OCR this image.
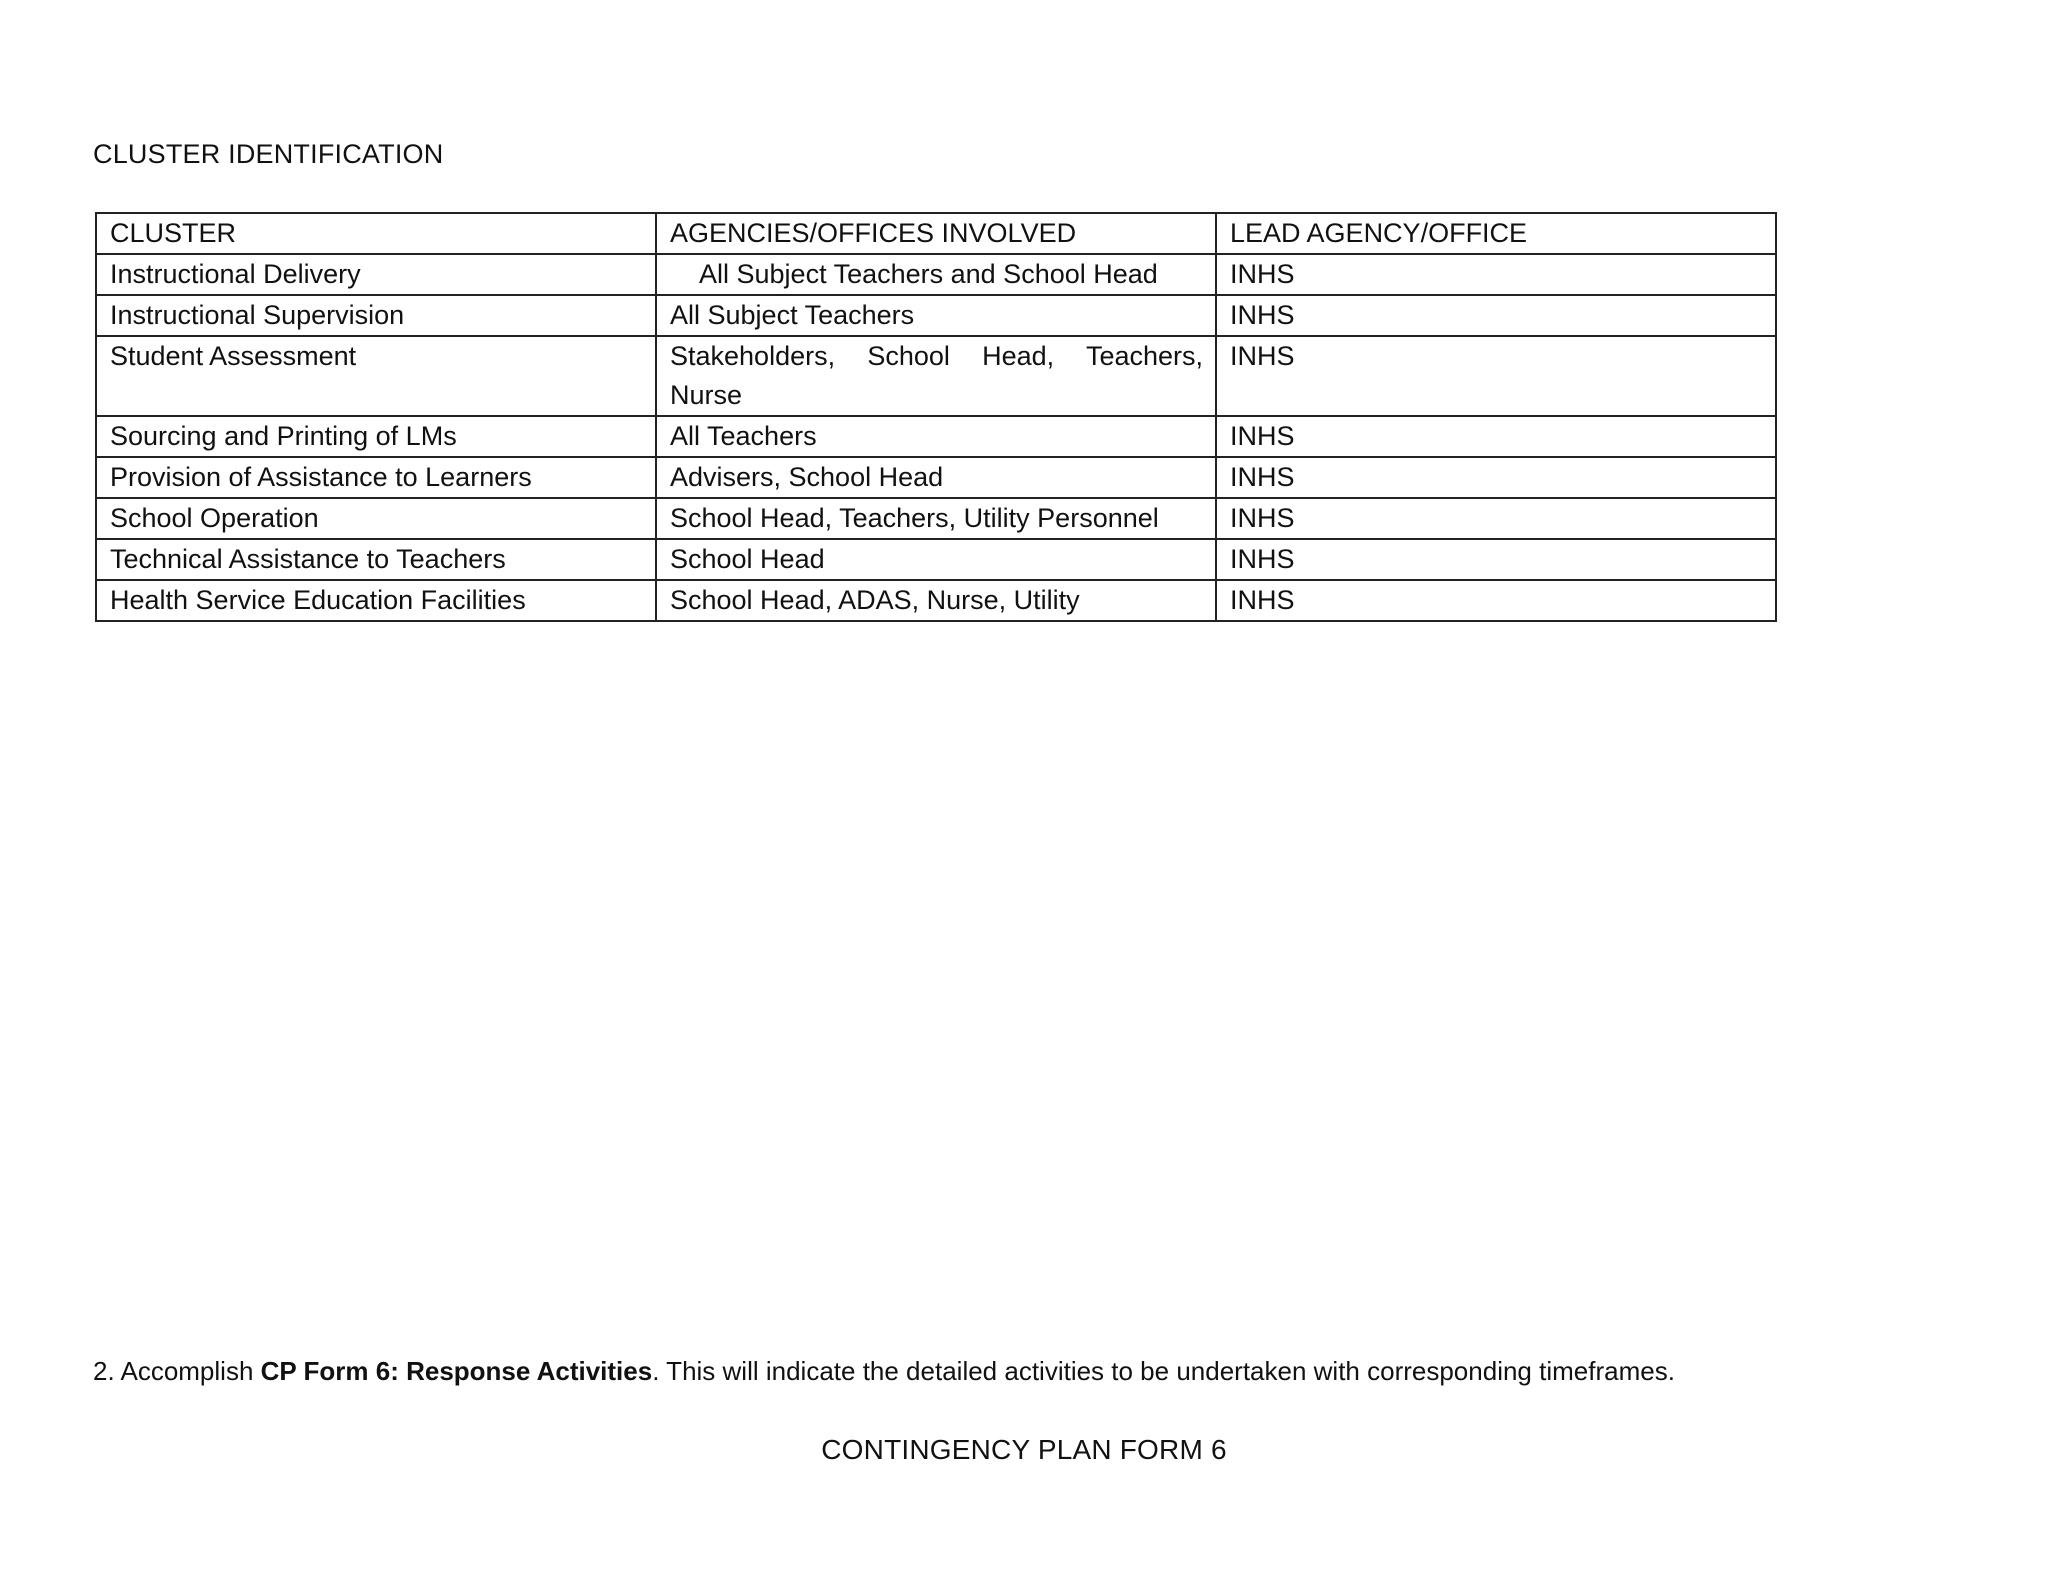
CLUSTER IDENTIFICATION
CLUSTER	AGENCIES/OFFICES INVOLVED	LEAD AGENCY/OFFICE
Instructional Delivery	All Subject Teachers and School Head	INHS
Instructional Supervision	All Subject Teachers	INHS
Student Assessment	Stakeholders, School Head, Teachers, Nurse	INHS
Sourcing and Printing of LMs	All Teachers	INHS
Provision of Assistance to Learners	Advisers, School Head	INHS
School Operation	School Head, Teachers, Utility Personnel	INHS
Technical Assistance to Teachers	School Head	INHS
Health Service Education Facilities	School Head, ADAS, Nurse, Utility	INHS
2. Accomplish CP Form 6: Response Activities. This will indicate the detailed activities to be undertaken with corresponding timeframes.
CONTINGENCY PLAN FORM 6
